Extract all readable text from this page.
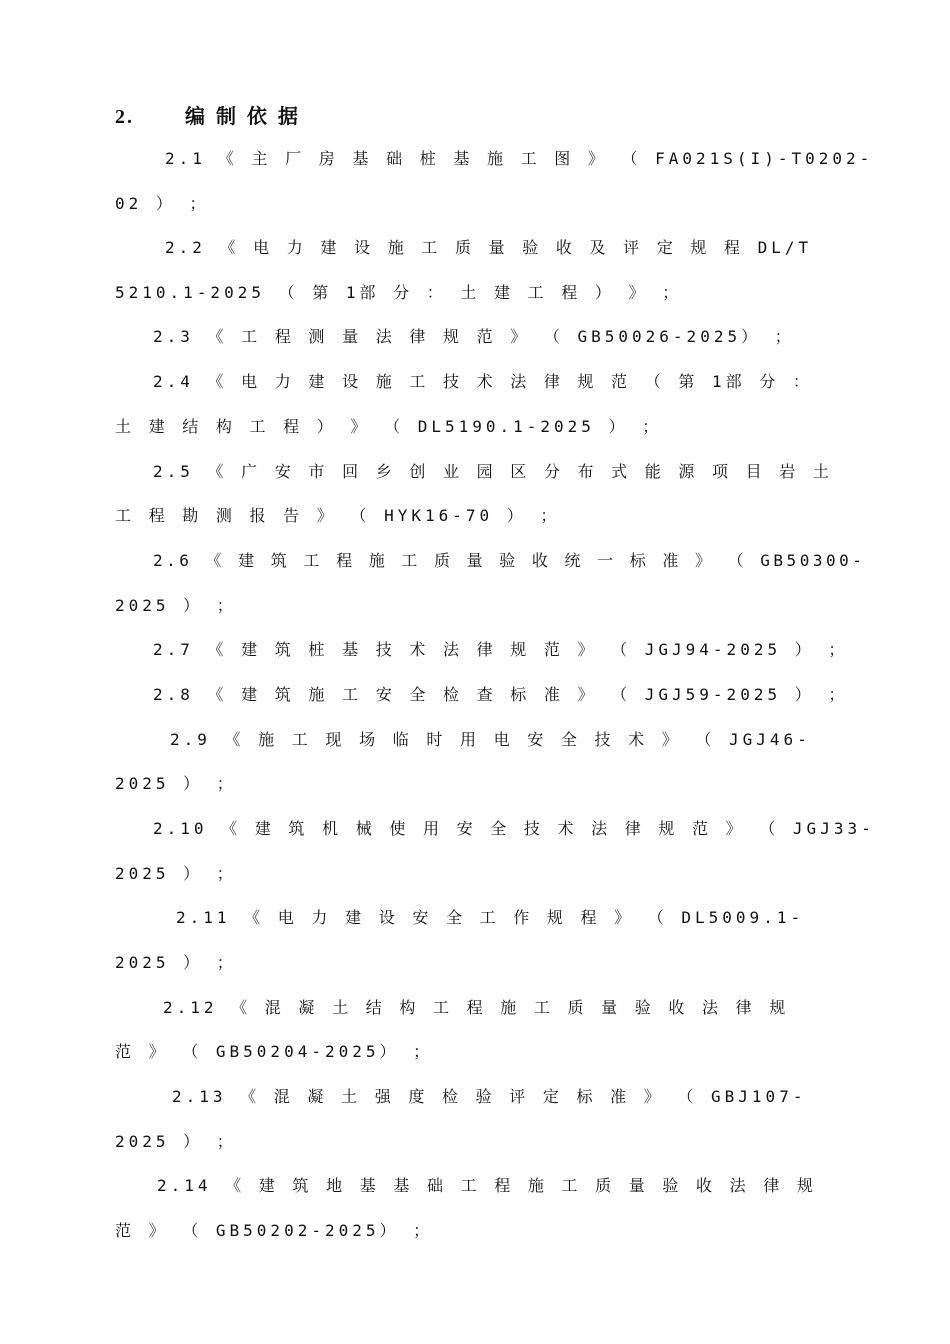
2.	编 制 依 据
2.1　《 主 厂 房 基 础 桩 基 施 工 图 》 （ FA021S(I)-T0202-
02 ） ；
2.2 《 电 力 建 设 施 工 质 量 验 收 及 评 定 规 程 DL/T
5210.1-2025 （ 第 1部 分 ： 土 建 工 程 ） 》 ；
2.3 《 工 程 测 量 法 律 规 范 》 （ GB50026-2025） ；
2.4 《 电 力 建 设 施 工 技 术 法 律 规 范 （ 第 1部 分 ：
土 建 结 构 工 程 ） 》 （ DL5190.1-2025 ） ；
2.5 《 广 安 市 回 乡 创 业 园 区 分 布 式 能 源 项 目 岩 土
工 程 勘 测 报 告 》 （ HYK16-70 ） ；
2.6 《 建 筑 工 程 施 工 质 量 验 收 统 一 标 准 》 （ GB50300-
2025 ） ；
2.7 《 建 筑 桩 基 技 术 法 律 规 范 》 （ JGJ94-2025 ） ；
2.8 《 建 筑 施 工 安 全 检 查 标 准 》 （ JGJ59-2025 ） ；
2.9 《 施 工 现 场 临 时 用 电 安 全 技 术 》 （ JGJ46-
2025 ） ；
2.10 《 建 筑 机 械 使 用 安 全 技 术 法 律 规 范 》 （ JGJ33-
2025 ） ；
2.11 《 电 力 建 设 安 全 工 作 规 程 》 （ DL5009.1-
2025 ） ；
2.12 《 混 凝 土 结 构 工 程 施 工 质 量 验 收 法 律 规
范 》 （ GB50204-2025） ；
2.13 《 混 凝 土 强 度 检 验 评 定 标 准 》 （ GBJ107-
2025 ） ；
2.14 《 建 筑 地 基 基 础 工 程 施 工 质 量 验 收 法 律 规
范 》 （ GB50202-2025） ；
